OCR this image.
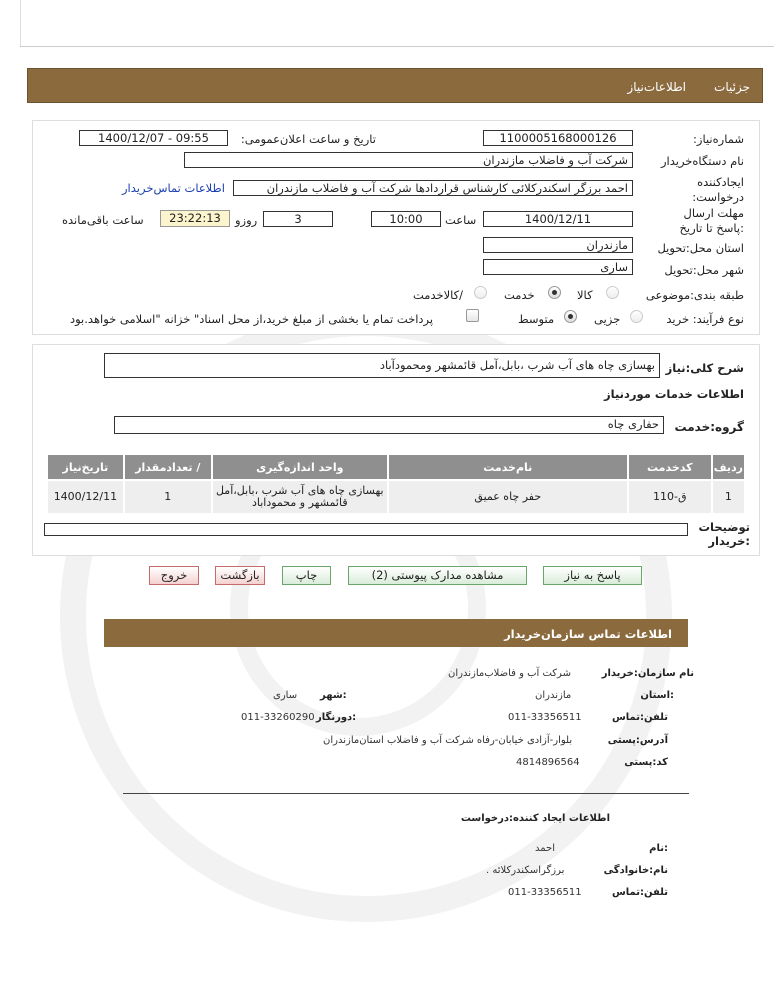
جزئیات
اطلاعات‌نیاز
شماره‌نیاز:
1100005168000126
تاریخ و ساعت اعلان‌عمومی:
1400/12/07 - 09:55
نام دستگاه‌خریدار
شرکت آب و فاضلاب مازندران
ایجادکننده درخواست:
احمد برزگر اسکندرکلائی کارشناس قراردادها شرکت آب و فاضلاب مازندران
اطلاعات تماس‌خریدار
مهلت ارسال :پاسخ تا تاریخ
1400/12/11
ساعت
10:00
3
روزو
23:22:13
ساعت باقی‌مانده
استان محل:تحویل
مازندران
شهر محل:تحویل
ساری
طبقه بندی:موضوعی
کالا
خدمت
/کالاخدمت
نوع فرآیند: خرید
جزیی
متوسط
پرداخت تمام یا بخشی از مبلغ خرید،از محل اسناد" خزانه "اسلامی خواهد.بود
شرح کلی:نیاز
بهسازی چاه های آب شرب ،بابل،آمل قائمشهر ومحمودآباد
اطلاعات خدمات موردنیاز
گروه:خدمت
حفاری چاه
ردیف	کدخدمت	نام‌خدمت	واحد اندازه‌گیری	/ تعدادمقدار	تاریخ‌نیاز
1	ق-110	حفر چاه عمیق	بهسازی چاه های آب شرب ،بابل،آمل قائمشهر و محموداباد	1	1400/12/11
توضیحات :خریدار
پاسخ به نیاز
مشاهده مدارک پیوستی (2)
چاپ
بازگشت
خروج
اطلاعات تماس سازمان‌خریدار
نام سازمان:خریدار
شرکت آب و فاضلاب‌مازندران
:استان
مازندران
:شهر
ساری
تلفن:تماس
011-33356511
:دورنگار
011-33260290
آدرس:پستی
بلوار-آزادی خیابان-رفاه شرکت آب و فاضلاب استان‌مازندران
کد:پستی
4814896564
اطلاعات ایجاد کننده:درخواست
:نام
احمد
نام:خانوادگی
برزگراسکندرکلائه .
تلفن:تماس
011-33356511
